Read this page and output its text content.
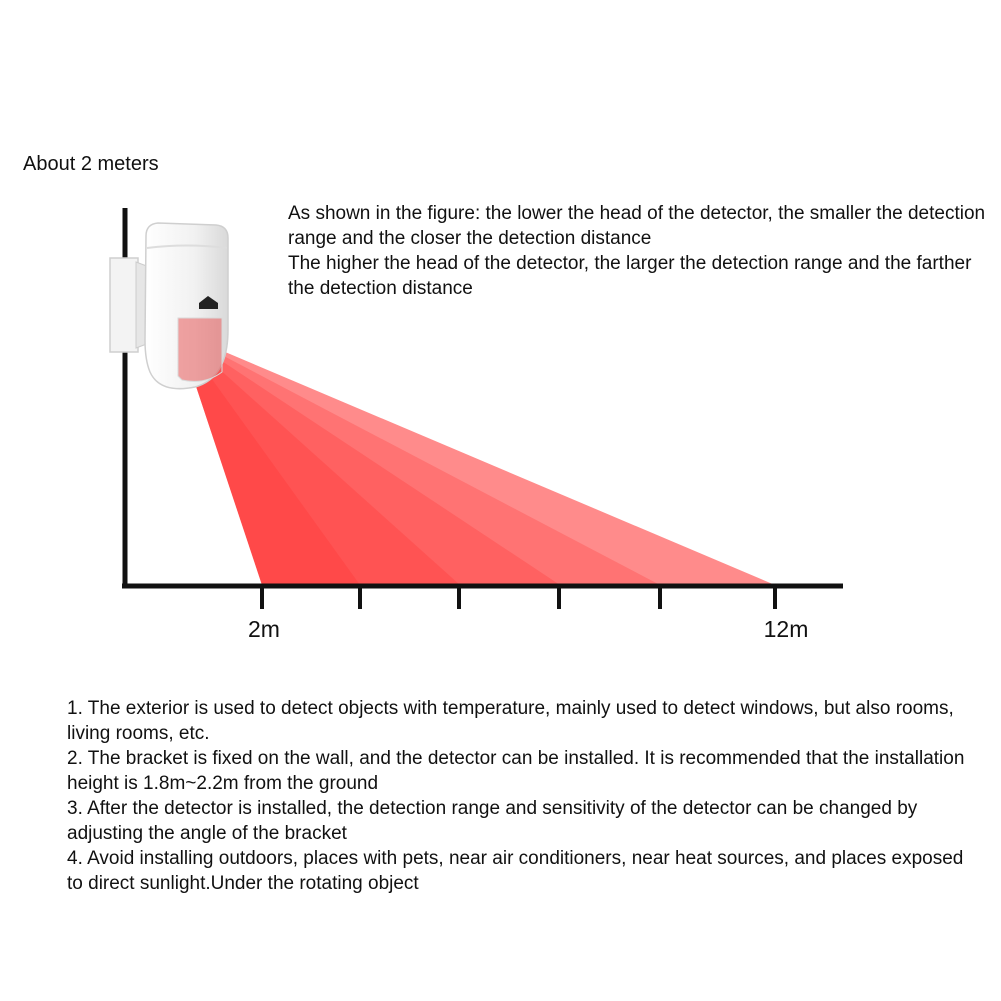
About 2 meters

As shown in the figure: the lower the head of the detector, the smaller the detection range and the closer the detection distance

The higher the head of the detector, the larger the detection range and the farther the detection distance

2m	12m

1. The exterior is used to detect objects with temperature, mainly used to detect windows, but also rooms, living rooms, etc.

2. The bracket is fixed on the wall, and the detector can be installed. It is recommended that the installation height is 1.8m~2.2m from the ground

3. After the detector is installed, the detection range and sensitivity of the detector can be changed by adjusting the angle of the bracket

4. Avoid installing outdoors, places with pets, near air conditioners, near heat sources, and places exposed to direct sunlight.Under the rotating object
